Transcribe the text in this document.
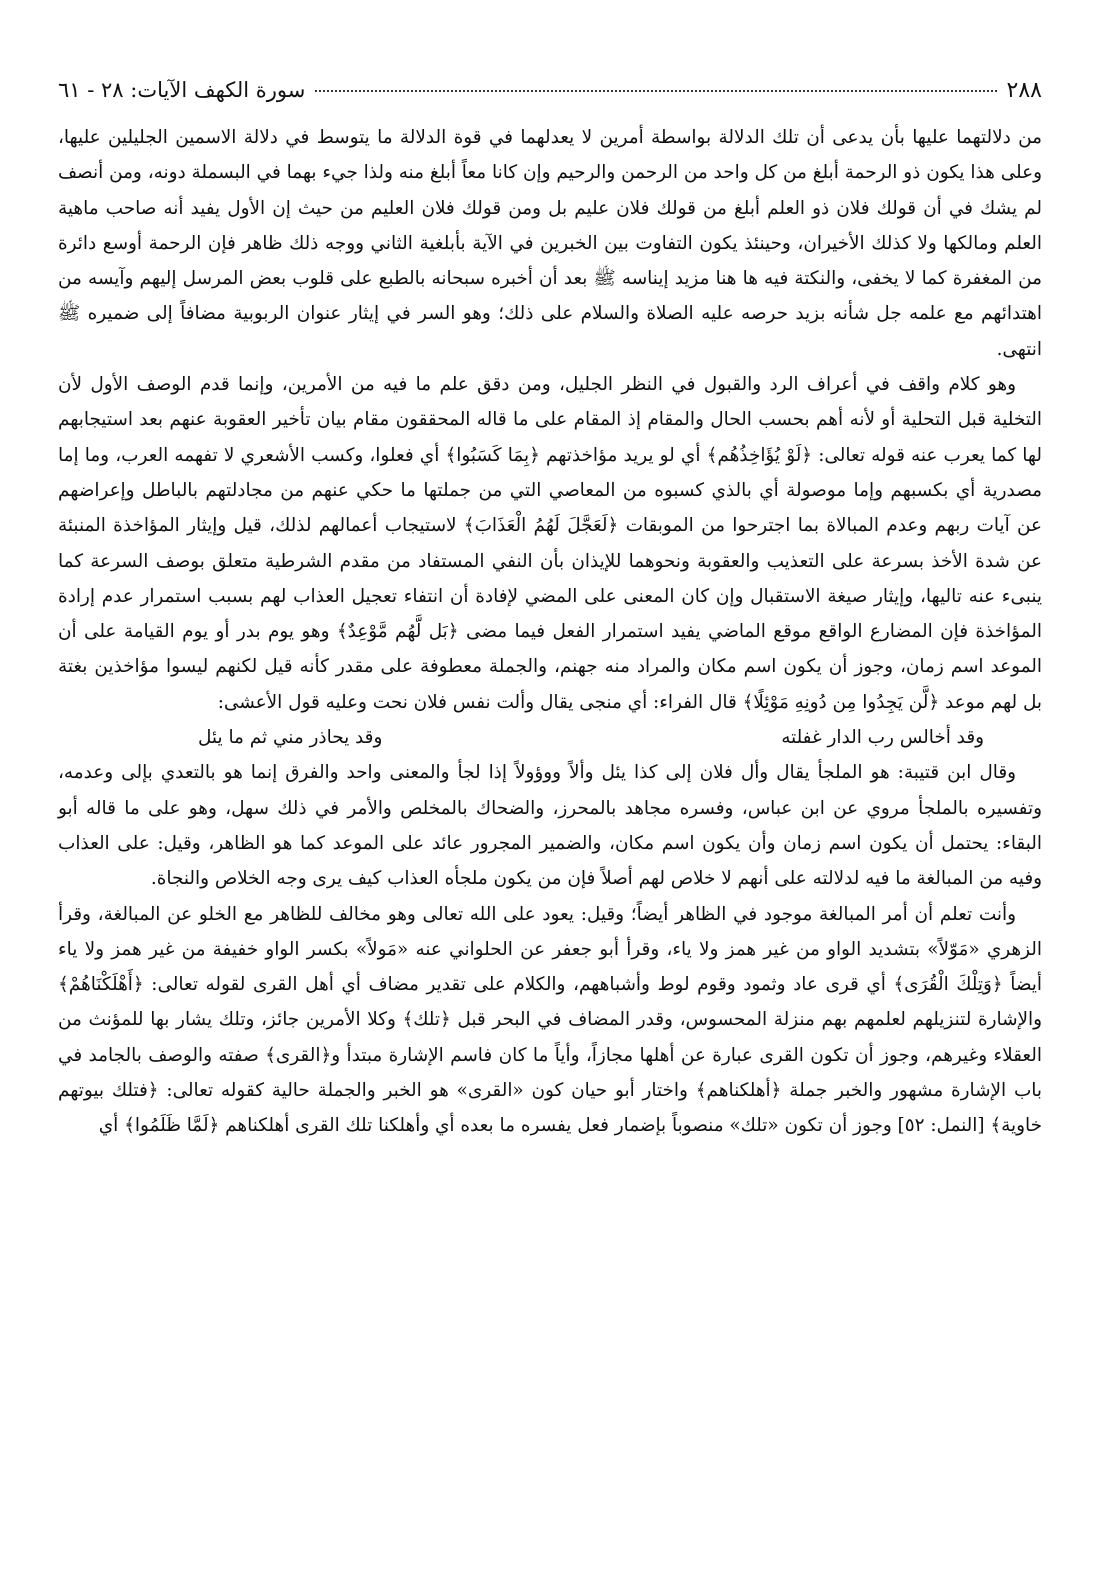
٢٨٨
سورة الكهف الآيات: ٢٨ - ٦١

من دلالتهما عليها بأن يدعى أن تلك الدلالة بواسطة أمرين لا يعدلهما في قوة الدلالة ما يتوسط في دلالة الاسمين الجليلين عليها، وعلى هذا يكون ذو الرحمة أبلغ من كل واحد من الرحمن والرحيم وإن كانا معاً أبلغ منه ولذا جيء بهما في البسملة دونه، ومن أنصف لم يشك في أن قولك فلان ذو العلم أبلغ من قولك فلان عليم بل ومن قولك فلان العليم من حيث إن الأول يفيد أنه صاحب ماهية العلم ومالكها ولا كذلك الأخيران، وحينئذ يكون التفاوت بين الخبرين في الآية بأبلغية الثاني ووجه ذلك ظاهر فإن الرحمة أوسع دائرة من المغفرة كما لا يخفى، والنكتة فيه ها هنا مزيد إيناسه ﷺ بعد أن أخبره سبحانه بالطبع على قلوب بعض المرسل إليهم وآيسه من اهتدائهم مع علمه جل شأنه بزيد حرصه عليه الصلاة والسلام على ذلك؛ وهو السر في إيثار عنوان الربوبية مضافاً إلى ضميره ﷺ انتهى.

وهو كلام واقف في أعراف الرد والقبول في النظر الجليل، ومن دقق علم ما فيه من الأمرين، وإنما قدم الوصف الأول لأن التخلية قبل التحلية أو لأنه أهم بحسب الحال والمقام إذ المقام على ما قاله المحققون مقام بيان تأخير العقوبة عنهم بعد استيجابهم لها كما يعرب عنه قوله تعالى: ﴿لَوْ يُؤَاخِذُهُم﴾ أي لو يريد مؤاخذتهم ﴿بِمَا كَسَبُوا﴾ أي فعلوا، وكسب الأشعري لا تفهمه العرب، وما إما مصدرية أي بكسبهم وإما موصولة أي بالذي كسبوه من المعاصي التي من جملتها ما حكي عنهم من مجادلتهم بالباطل وإعراضهم عن آيات ربهم وعدم المبالاة بما اجترحوا من الموبقات ﴿لَعَجَّلَ لَهُمُ الْعَذَابَ﴾ لاستيجاب أعمالهم لذلك، قيل وإيثار المؤاخذة المنبئة عن شدة الأخذ بسرعة على التعذيب والعقوبة ونحوهما للإيذان بأن النفي المستفاد من مقدم الشرطية متعلق بوصف السرعة كما ينبىء عنه تاليها، وإيثار صيغة الاستقبال وإن كان المعنى على المضي لإفادة أن انتفاء تعجيل العذاب لهم بسبب استمرار عدم إرادة المؤاخذة فإن المضارع الواقع موقع الماضي يفيد استمرار الفعل فيما مضى ﴿بَل لَّهُم مَّوْعِدٌ﴾ وهو يوم بدر أو يوم القيامة على أن الموعد اسم زمان، وجوز أن يكون اسم مكان والمراد منه جهنم، والجملة معطوفة على مقدر كأنه قيل لكنهم ليسوا مؤاخذين بغتة بل لهم موعد ﴿لَّن يَجِدُوا مِن دُونِهِ مَوْئِلًا﴾ قال الفراء: أي منجى يقال وألت نفس فلان نحت وعليه قول الأعشى:

وقد أخالس رب الدار غفلته
وقد يحاذر مني ثم ما يئل

وقال ابن قتيبة: هو الملجأ يقال وأل فلان إلى كذا يئل وألاً ووؤولاً إذا لجأ والمعنى واحد والفرق إنما هو بالتعدي بإلى وعدمه، وتفسيره بالملجأ مروي عن ابن عباس، وفسره مجاهد بالمحرز، والضحاك بالمخلص والأمر في ذلك سهل، وهو على ما قاله أبو البقاء: يحتمل أن يكون اسم زمان وأن يكون اسم مكان، والضمير المجرور عائد على الموعد كما هو الظاهر، وقيل: على العذاب وفيه من المبالغة ما فيه لدلالته على أنهم لا خلاص لهم أصلاً فإن من يكون ملجأه العذاب كيف يرى وجه الخلاص والنجاة.

وأنت تعلم أن أمر المبالغة موجود في الظاهر أيضاً؛ وقيل: يعود على الله تعالى وهو مخالف للظاهر مع الخلو عن المبالغة، وقرأ الزهري «مَوّلاً» بتشديد الواو من غير همز ولا ياء، وقرأ أبو جعفر عن الحلواني عنه «مَولاً» بكسر الواو خفيفة من غير همز ولا ياء أيضاً ﴿وَتِلْكَ الْقُرَى﴾ أي قرى عاد وثمود وقوم لوط وأشباههم، والكلام على تقدير مضاف أي أهل القرى لقوله تعالى: ﴿أَهْلَكْنَاهُمْ﴾ والإشارة لتنزيلهم لعلمهم بهم منزلة المحسوس، وقدر المضاف في البحر قبل ﴿تلك﴾ وكلا الأمرين جائز، وتلك يشار بها للمؤنث من العقلاء وغيرهم، وجوز أن تكون القرى عبارة عن أهلها مجازاً، وأياً ما كان فاسم الإشارة مبتدأ و﴿القرى﴾ صفته والوصف بالجامد في باب الإشارة مشهور والخبر جملة ﴿أهلكناهم﴾ واختار أبو حيان كون «القرى» هو الخبر والجملة حالية كقوله تعالى: ﴿فتلك بيوتهم خاوية﴾ [النمل: ٥٢] وجوز أن تكون «تلك» منصوباً بإضمار فعل يفسره ما بعده أي وأهلكنا تلك القرى أهلكناهم ﴿لَمَّا ظَلَمُوا﴾ أي
